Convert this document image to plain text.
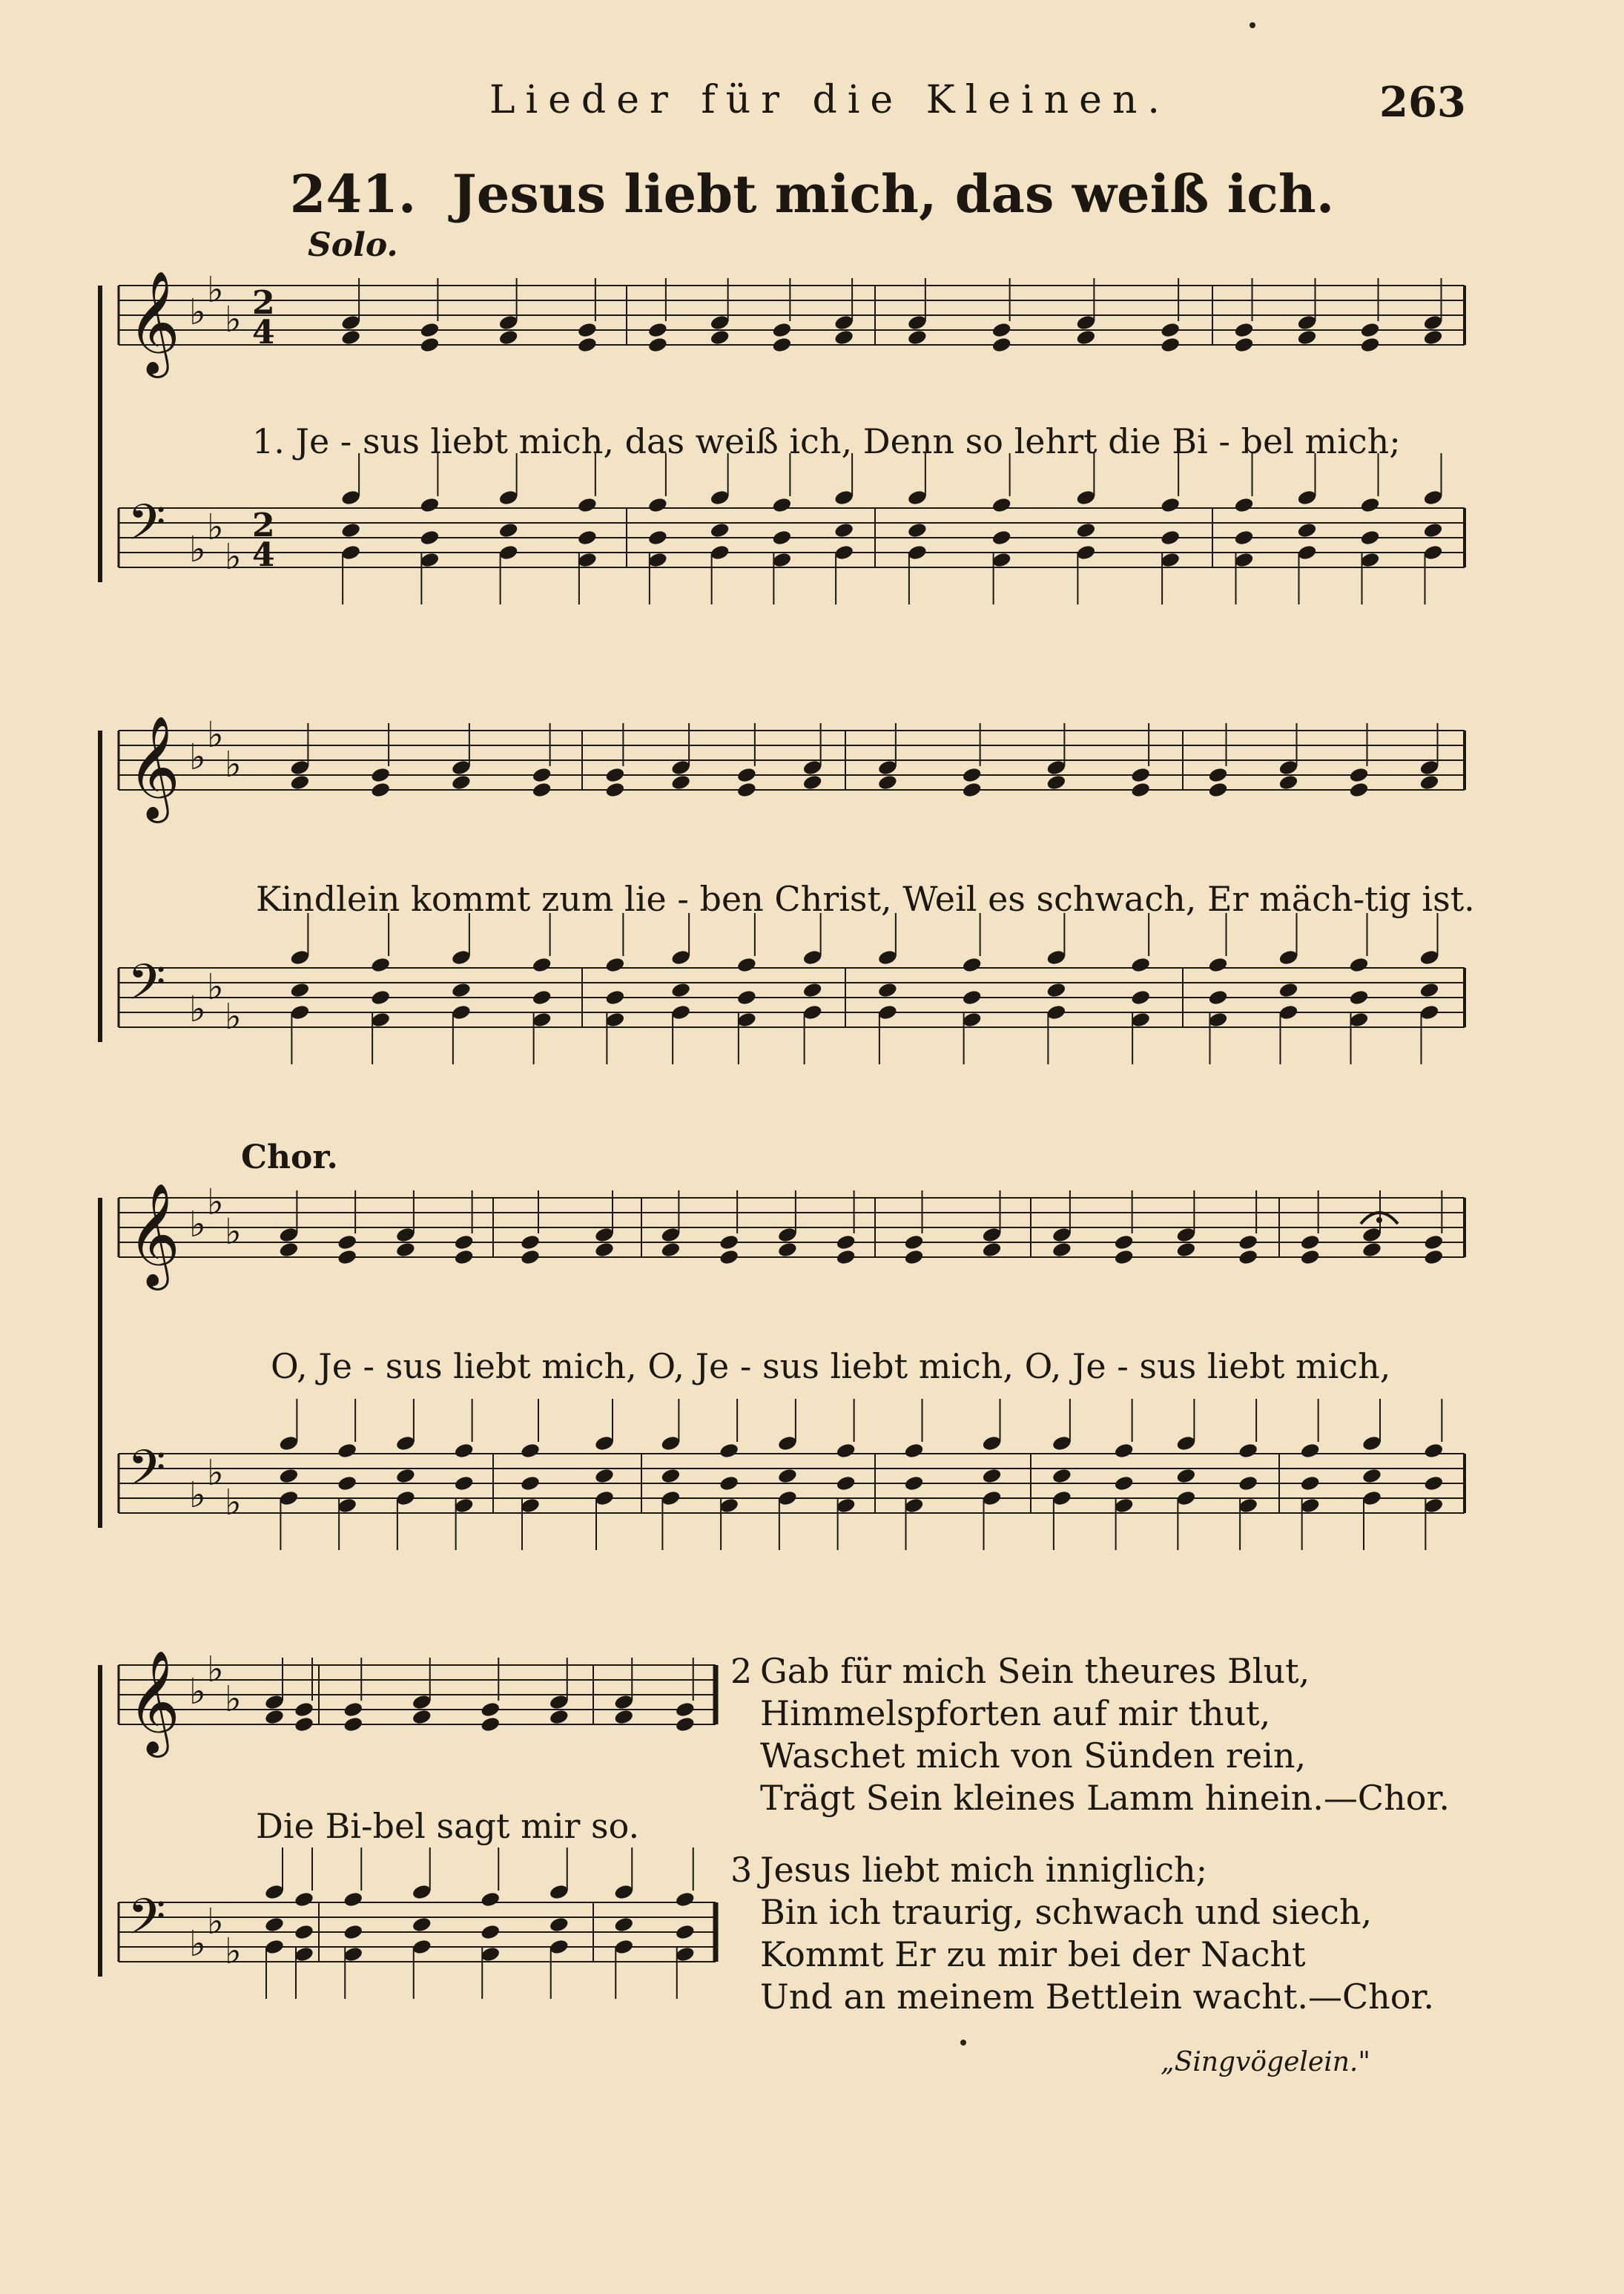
Lieder für die Kleinen.	263
241. Jesus liebt mich, das weiß ich.
Solo.
Chor.
𝄞 ♭
♭
♭ 2
4
𝄢 ♭
♭
♭
2
4
𝄞 ♭
♭
♭
𝄢 ♭
♭
♭
𝄞 ♭
♭
♭
𝄢 ♭
♭
♭
𝄞 ♭
♭
♭
𝄢 ♭
♭
♭
1. Je - sus liebt mich, das weiß ich, Denn so lehrt die Bi - bel mich;
Kindlein kommt zum lie - ben Christ, Weil es schwach, Er mäch-tig ist.
O, Je - sus liebt mich, O, Je - sus liebt mich, O, Je - sus liebt mich,
Die Bi-bel sagt mir so.
2 Gab für mich Sein theures Blut,
Himmelspforten auf mir thut,
Waschet mich von Sünden rein,
Trägt Sein kleines Lamm hinein.—Chor.
3 Jesus liebt mich inniglich;
Bin ich traurig, schwach und siech,
Kommt Er zu mir bei der Nacht
Und an meinem Bettlein wacht.—Chor.
„Singvögelein."
